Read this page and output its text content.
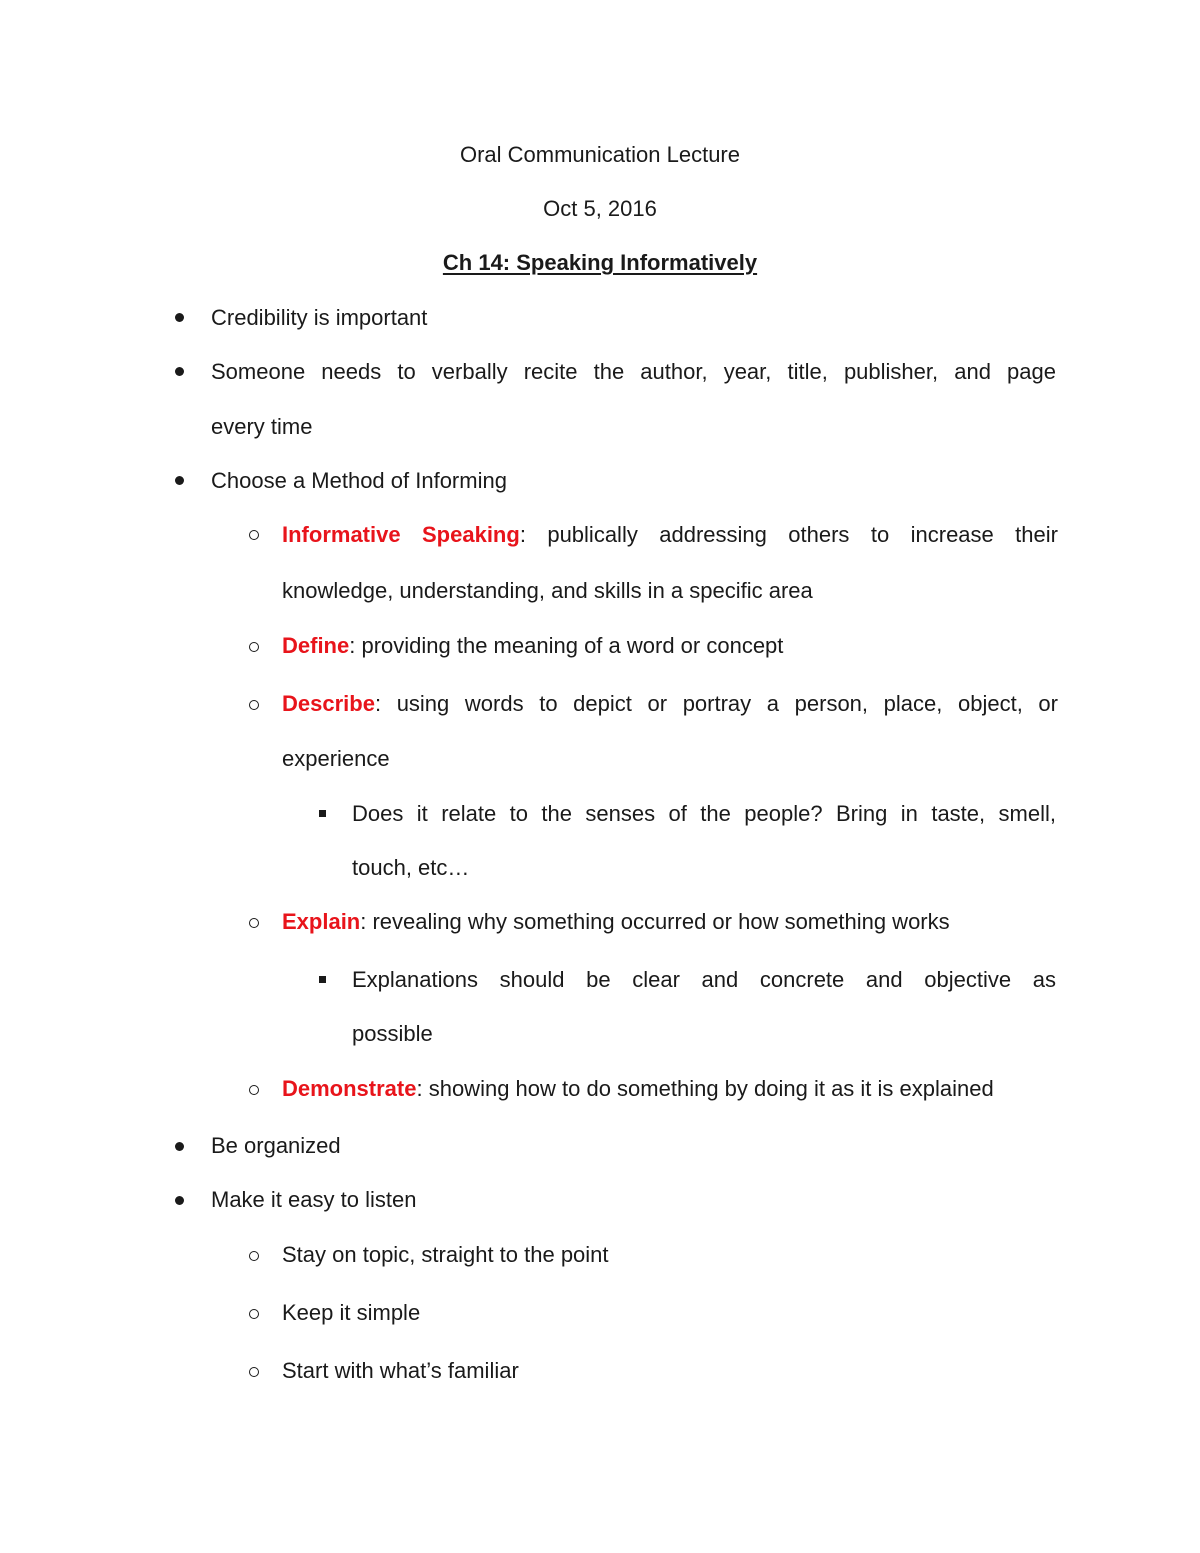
Oral Communication Lecture
Oct 5, 2016
Ch 14: Speaking Informatively
Credibility is important
Someone needs to verbally recite the author, year, title, publisher, and page
every time
Choose a Method of Informing
Informative Speaking: publically addressing others to increase their
knowledge, understanding, and skills in a specific area
Define: providing the meaning of a word or concept
Describe: using words to depict or portray a person, place, object, or
experience
Does it relate to the senses of the people? Bring in taste, smell,
touch, etc…
Explain: revealing why something occurred or how something works
Explanations should be clear and concrete and objective as
possible
Demonstrate: showing how to do something by doing it as it is explained
Be organized
Make it easy to listen
Stay on topic, straight to the point
Keep it simple
Start with what’s familiar
